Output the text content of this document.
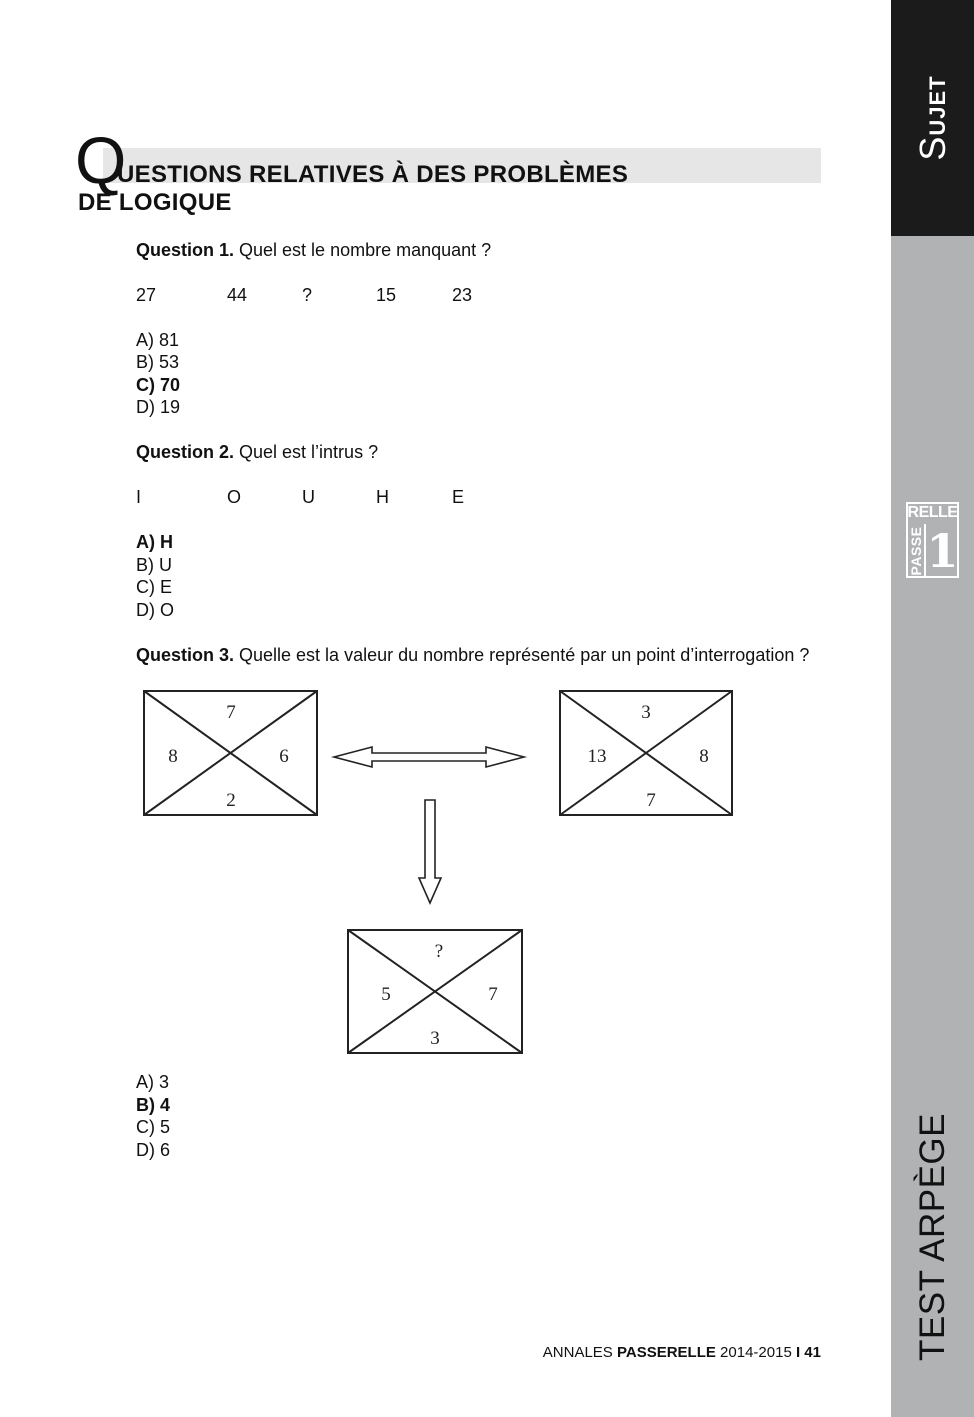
SUJET
RELLE
PASSE 1
TEST ARPÈGE
Q
UESTIONS RELATIVES À DES PROBLÈMES
DE LOGIQUE
Question 1. Quel est le nombre manquant ?
27	44	?	15	23
A) 81
B) 53
C) 70
D) 19
Question 2. Quel est l’intrus ?
I	O	U	H	E
A) H
B) U
C) E
D) O
Question 3. Quelle est la valeur du nombre représenté par un point d’interrogation ?
7
8	6
2
3
13	8
7
?
5	7
3
A) 3
B) 4
C) 5
D) 6
ANNALES PASSERELLE 2014-2015 I 41
